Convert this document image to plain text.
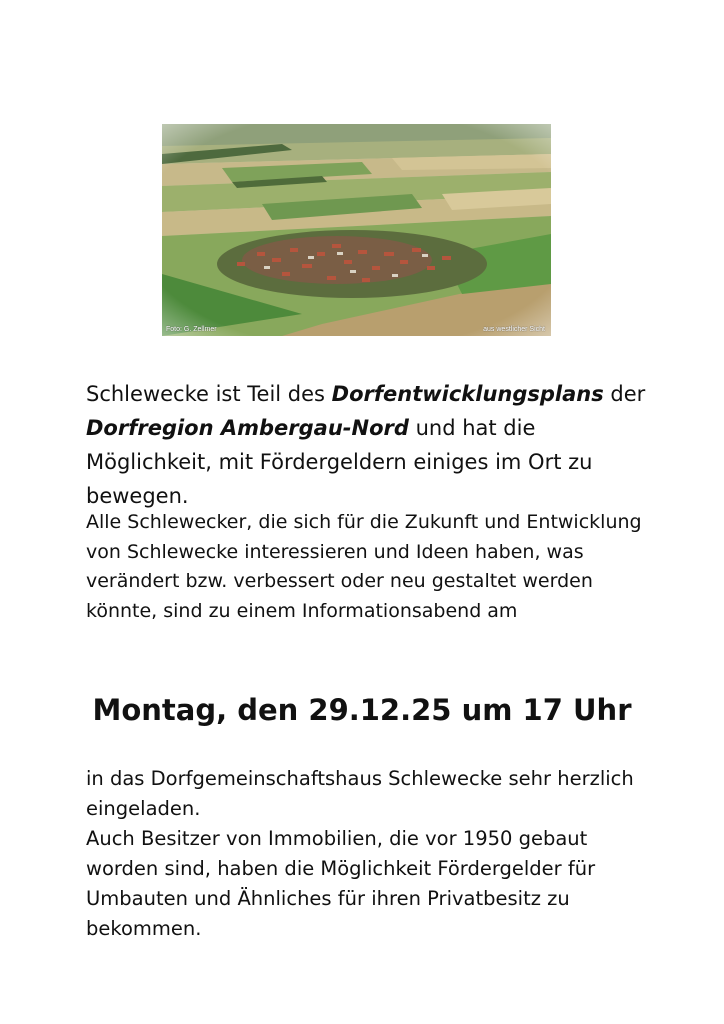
Foto: G. Zellmer	aus westlicher Sicht
Schlewecke ist Teil des Dorfentwicklungsplans der Dorfregion Ambergau-Nord und hat die Möglichkeit, mit Fördergeldern einiges im Ort zu bewegen.
Alle Schlewecker, die sich für die Zukunft und Entwicklung von Schlewecke interessieren und Ideen haben, was verändert bzw. verbessert oder neu gestaltet werden könnte, sind zu einem Informationsabend am
Montag, den 29.12.25 um 17 Uhr
in das Dorfgemeinschaftshaus Schlewecke sehr herzlich eingeladen.
Auch Besitzer von Immobilien, die vor 1950 gebaut worden sind, haben die Möglichkeit Fördergelder für Umbauten und Ähnliches für ihren Privatbesitz zu bekommen.
